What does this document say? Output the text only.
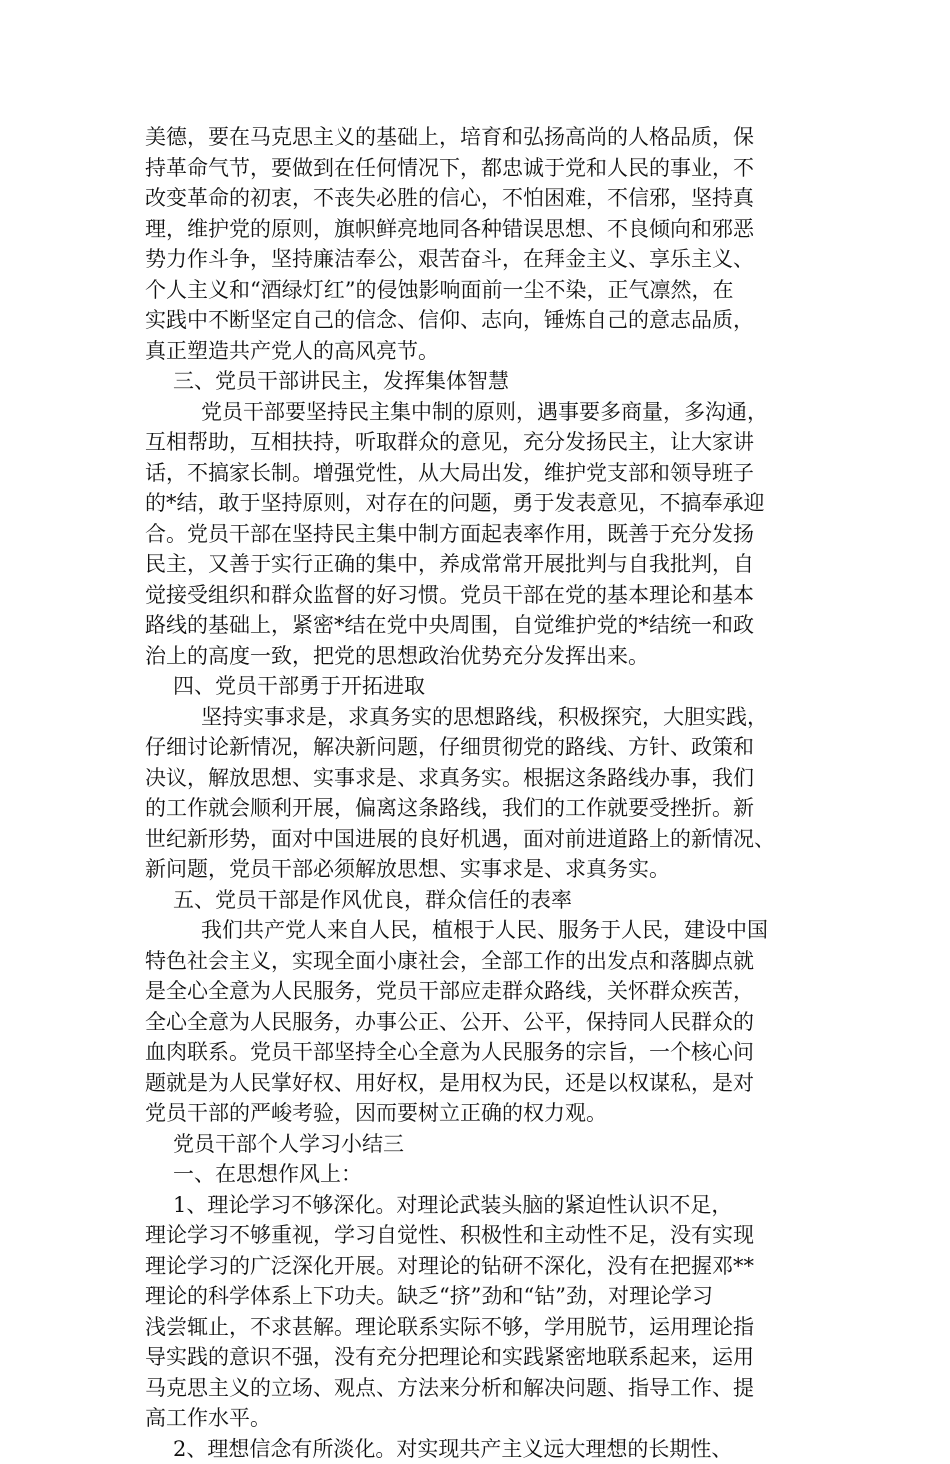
美德，要在马克思主义的基础上，培育和弘扬高尚的人格品质，保
持革命气节，要做到在任何情况下，都忠诚于党和人民的事业，不
改变革命的初衷，不丧失必胜的信心，不怕困难，不信邪，坚持真
理，维护党的原则，旗帜鲜亮地同各种错误思想、不良倾向和邪恶
势力作斗争，坚持廉洁奉公，艰苦奋斗，在拜金主义、享乐主义、
个人主义和“酒绿灯红”的侵蚀影响面前一尘不染，正气凛然，在
实践中不断坚定自己的信念、信仰、志向，锤炼自己的意志品质，
真正塑造共产党人的高风亮节。
三、党员干部讲民主，发挥集体智慧
党员干部要坚持民主集中制的原则，遇事要多商量，多沟通，
互相帮助，互相扶持，听取群众的意见，充分发扬民主，让大家讲
话，不搞家长制。增强党性，从大局出发，维护党支部和领导班子
的*结，敢于坚持原则，对存在的问题，勇于发表意见，不搞奉承迎
合。党员干部在坚持民主集中制方面起表率作用，既善于充分发扬
民主，又善于实行正确的集中，养成常常开展批判与自我批判，自
觉接受组织和群众监督的好习惯。党员干部在党的基本理论和基本
路线的基础上，紧密*结在党中央周围，自觉维护党的*结统一和政
治上的高度一致，把党的思想政治优势充分发挥出来。
四、党员干部勇于开拓进取
坚持实事求是，求真务实的思想路线，积极探究，大胆实践，
仔细讨论新情况，解决新问题，仔细贯彻党的路线、方针、政策和
决议，解放思想、实事求是、求真务实。根据这条路线办事，我们
的工作就会顺利开展，偏离这条路线，我们的工作就要受挫折。新
世纪新形势，面对中国进展的良好机遇，面对前进道路上的新情况、
新问题，党员干部必须解放思想、实事求是、求真务实。
五、党员干部是作风优良，群众信任的表率
我们共产党人来自人民，植根于人民、服务于人民，建设中国
特色社会主义，实现全面小康社会，全部工作的出发点和落脚点就
是全心全意为人民服务，党员干部应走群众路线，关怀群众疾苦，
全心全意为人民服务，办事公正、公开、公平，保持同人民群众的
血肉联系。党员干部坚持全心全意为人民服务的宗旨，一个核心问
题就是为人民掌好权、用好权，是用权为民，还是以权谋私，是对
党员干部的严峻考验，因而要树立正确的权力观。
党员干部个人学习小结三
一、在思想作风上：
1、理论学习不够深化。对理论武装头脑的紧迫性认识不足，
理论学习不够重视，学习自觉性、积极性和主动性不足，没有实现
理论学习的广泛深化开展。对理论的钻研不深化，没有在把握邓**
理论的科学体系上下功夫。缺乏“挤”劲和“钻”劲，对理论学习
浅尝辄止，不求甚解。理论联系实际不够，学用脱节，运用理论指
导实践的意识不强，没有充分把理论和实践紧密地联系起来，运用
马克思主义的立场、观点、方法来分析和解决问题、指导工作、提
高工作水平。
2、理想信念有所淡化。对实现共产主义远大理想的长期性、
